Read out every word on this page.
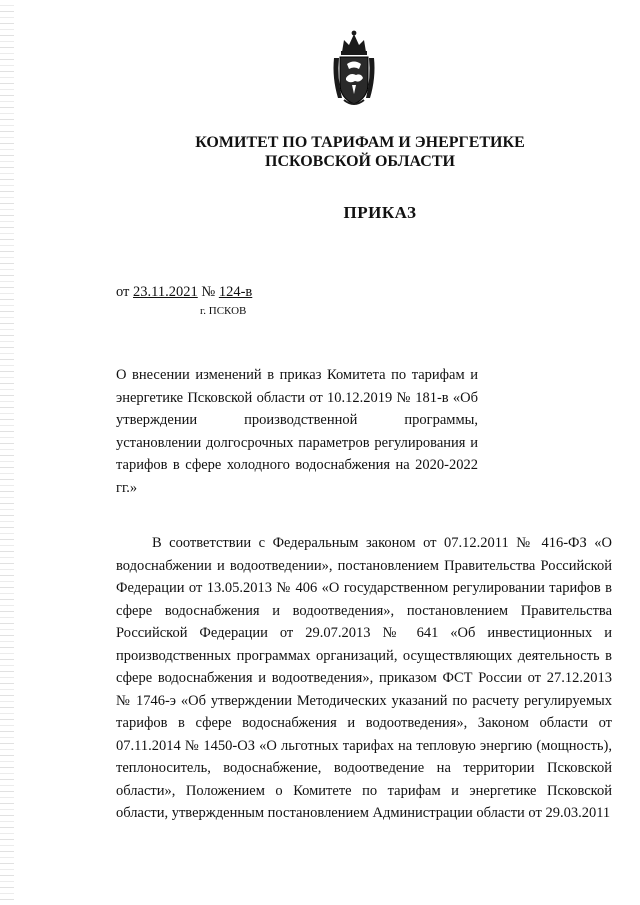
КОМИТЕТ ПО ТАРИФАМ И ЭНЕРГЕТИКЕ
ПСКОВСКОЙ ОБЛАСТИ
ПРИКАЗ
от 23.11.2021 № 124-в
г. ПСКОВ
О внесении изменений в приказ Комитета по тарифам и энергетике Псковской области от 10.12.2019 № 181-в «Об утверждении производственной программы, установлении долгосрочных параметров регулирования и тарифов в сфере холодного водоснабжения на 2020-2022 гг.»
В соответствии с Федеральным законом от 07.12.2011 № 416-ФЗ «О водоснабжении и водоотведении», постановлением Правительства Российской Федерации от 13.05.2013 № 406 «О государственном регулировании тарифов в сфере водоснабжения и водоотведения», постановлением Правительства Российской Федерации от 29.07.2013 № 641 «Об инвестиционных и производственных программах организаций, осуществляющих деятельность в сфере водоснабжения и водоотведения», приказом ФСТ России от 27.12.2013 № 1746-э «Об утверждении Методических указаний по расчету регулируемых тарифов в сфере водоснабжения и водоотведения», Законом области от 07.11.2014 № 1450-ОЗ «О льготных тарифах на тепловую энергию (мощность), теплоноситель, водоснабжение, водоотведение на территории Псковской области», Положением о Комитете по тарифам и энергетике Псковской области, утвержденным постановлением Администрации области от 29.03.2011
